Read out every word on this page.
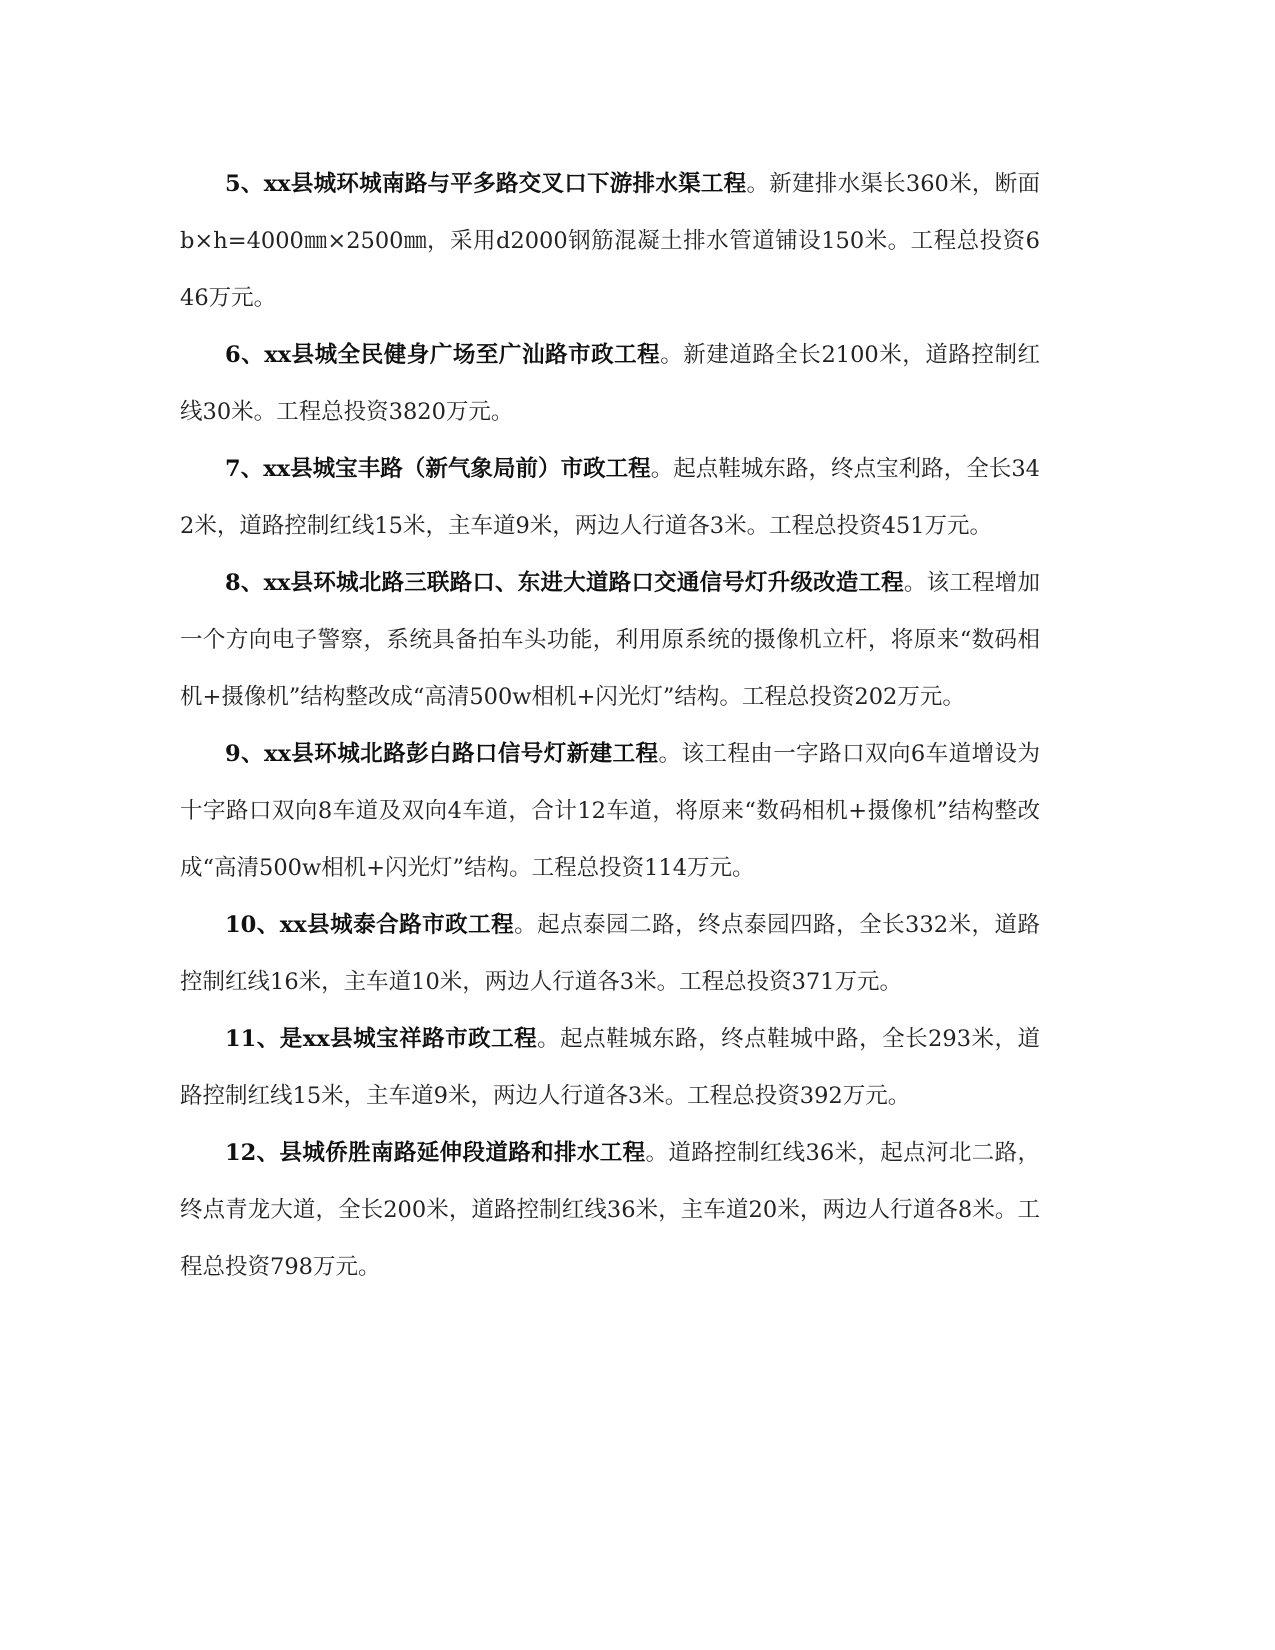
5、xx县城环城南路与平多路交叉口下游排水渠工程。新建排水渠长360米，断面b×h=4000㎜×2500㎜，采用d2000钢筋混凝土排水管道铺设150米。工程总投资646万元。

6、xx县城全民健身广场至广汕路市政工程。新建道路全长2100米，道路控制红线30米。工程总投资3820万元。

7、xx县城宝丰路（新气象局前）市政工程。起点鞋城东路，终点宝利路，全长342米，道路控制红线15米，主车道9米，两边人行道各3米。工程总投资451万元。

8、xx县环城北路三联路口、东进大道路口交通信号灯升级改造工程。该工程增加一个方向电子警察，系统具备拍车头功能，利用原系统的摄像机立杆，将原来“数码相机+摄像机”结构整改成“高清500w相机+闪光灯”结构。工程总投资202万元。

9、xx县环城北路彭白路口信号灯新建工程。该工程由一字路口双向6车道增设为十字路口双向8车道及双向4车道，合计12车道，将原来“数码相机+摄像机”结构整改成“高清500w相机+闪光灯”结构。工程总投资114万元。

10、xx县城泰合路市政工程。起点泰园二路，终点泰园四路，全长332米，道路控制红线16米，主车道10米，两边人行道各3米。工程总投资371万元。

11、是xx县城宝祥路市政工程。起点鞋城东路，终点鞋城中路，全长293米，道路控制红线15米，主车道9米，两边人行道各3米。工程总投资392万元。

12、县城侨胜南路延伸段道路和排水工程。道路控制红线36米，起点河北二路，终点青龙大道，全长200米，道路控制红线36米，主车道20米，两边人行道各8米。工程总投资798万元。
